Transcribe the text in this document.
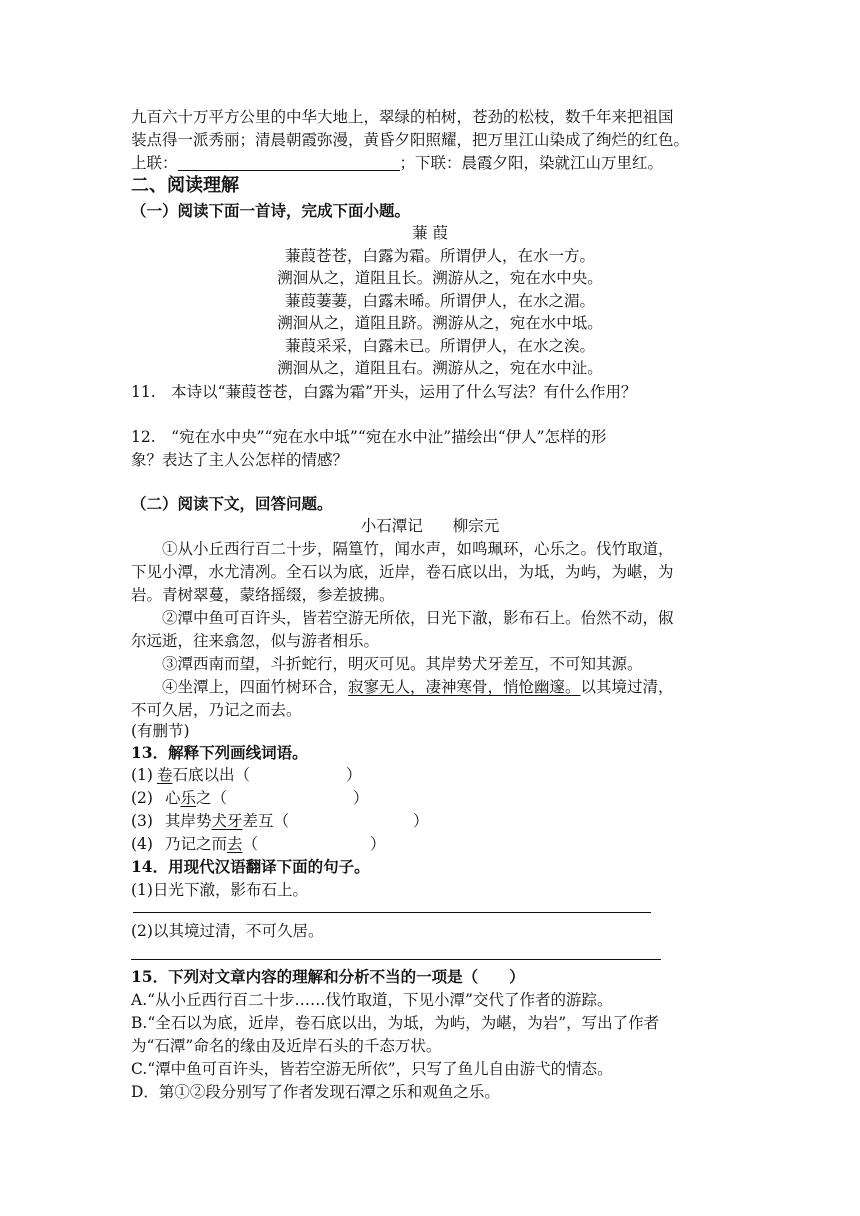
九百六十万平方公里的中华大地上，翠绿的柏树，苍劲的松枝，数千年来把祖国
装点得一派秀丽；清晨朝霞弥漫，黄昏夕阳照耀，把万里江山染成了绚烂的红色。
上联：	；下联：晨霞夕阳，染就江山万里红。
二、阅读理解
（一）阅读下面一首诗，完成下面小题。
蒹 葭
蒹葭苍苍，白露为霜。所谓伊人，在水一方。
溯洄从之，道阻且长。溯游从之，宛在水中央。
蒹葭萋萋，白露未晞。所谓伊人，在水之湄。
溯洄从之，道阻且跻。溯游从之，宛在水中坻。
蒹葭采采，白露未已。所谓伊人，在水之涘。
溯洄从之，道阻且右。溯游从之，宛在水中沚。
11.　本诗以“蒹葭苍苍，白露为霜”开头，运用了什么写法？有什么作用？
12.　“宛在水中央”“宛在水中坻”“宛在水中沚”描绘出“伊人”怎样的形
象？表达了主人公怎样的情感？
（二）阅读下文，回答问题。
小石潭记 柳宗元
①从小丘西行百二十步，隔篁竹，闻水声，如鸣珮环，心乐之。伐竹取道，
下见小潭，水尤清冽。全石以为底，近岸，卷石底以出，为坻，为屿，为嵁，为
岩。青树翠蔓，蒙络摇缀，参差披拂。
②潭中鱼可百许头，皆若空游无所依，日光下澈，影布石上。佁然不动，俶
尔远逝，往来翕忽，似与游者相乐。
③潭西南而望，斗折蛇行，明灭可见。其岸势犬牙差互，不可知其源。
④坐潭上，四面竹树环合，寂寥无人，凄神寒骨，悄怆幽邃。以其境过清，
不可久居，乃记之而去。
(有删节)
13．解释下列画线词语。
(1) 卷石底以出（	）
(2) 心乐之（	）
(3) 其岸势犬牙差互（	）
(4) 乃记之而去（	）
14．用现代汉语翻译下面的句子。
(1)日光下澈，影布石上。
(2)以其境过清，不可久居。
15．下列对文章内容的理解和分析不当的一项是（　　）
A.“从小丘西行百二十步……伐竹取道，下见小潭”交代了作者的游踪。
B.“全石以为底，近岸，卷石底以出，为坻，为屿，为嵁，为岩”，写出了作者
为“石潭”命名的缘由及近岸石头的千态万状。
C.“潭中鱼可百许头，皆若空游无所依”，只写了鱼儿自由游弋的情态。
D．第①②段分别写了作者发现石潭之乐和观鱼之乐。
